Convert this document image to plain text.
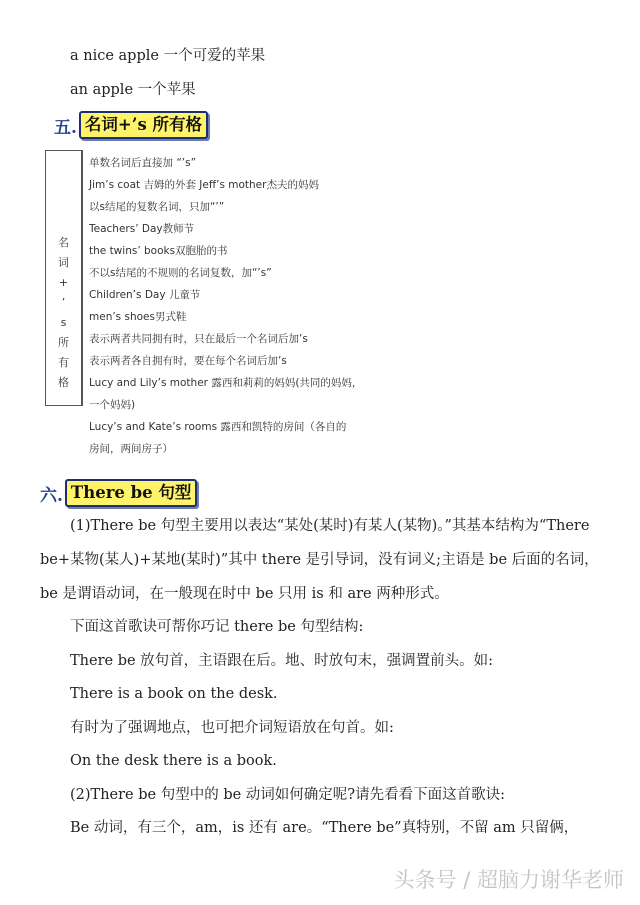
a nice apple 一个可爱的苹果
an apple 一个苹果
五. 名词+’s 所有格
名
词
+
’
s
所
有
格
单数名词后直接加 “’s”
Jim’s coat 吉姆的外套 Jeff’s mother杰夫的妈妈
以s结尾的复数名词，只加“’”
Teachers’ Day教师节
the twins’ books双胞胎的书
不以s结尾的不规则的名词复数，加“’s”
Children’s Day 儿童节
men’s shoes男式鞋
表示两者共同拥有时，只在最后一个名词后加’s
表示两者各自拥有时，要在每个名词后加’s
Lucy and Lily’s mother 露西和莉莉的妈妈(共同的妈妈，
一个妈妈)
Lucy’s and Kate’s rooms 露西和凯特的房间（各自的
房间，两间房子）
六. There be 句型
(1)There be 句型主要用以表达“某处(某时)有某人(某物)。”其基本结构为“There
be+某物(某人)+某地(某时)”其中 there 是引导词，没有词义;主语是 be 后面的名词，
be 是谓语动词，在一般现在时中 be 只用 is 和 are 两种形式。
下面这首歌诀可帮你巧记 there be 句型结构:
There be 放句首，主语跟在后。地、时放句末，强调置前头。如:
There is a book on the desk.
有时为了强调地点，也可把介词短语放在句首。如:
On the desk there is a book.
(2)There be 句型中的 be 动词如何确定呢?请先看看下面这首歌诀:
Be 动词，有三个，am，is 还有 are。“There be”真特别，不留 am 只留俩，
头条号 / 超脑力谢华老师
